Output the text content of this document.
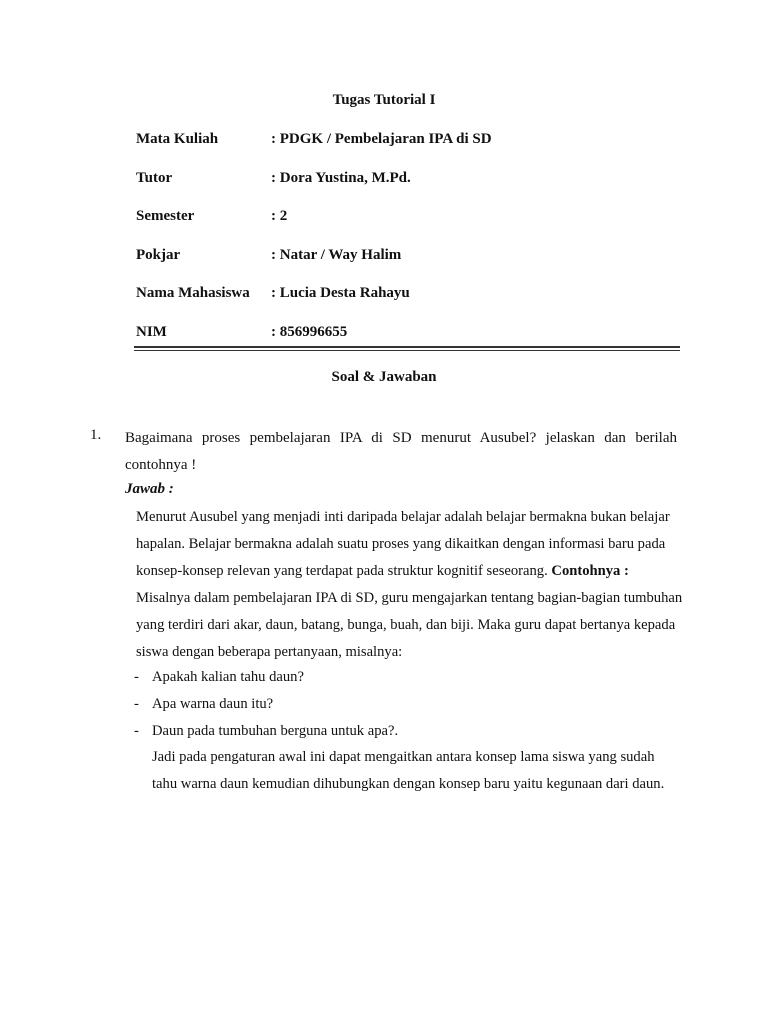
Tugas Tutorial I
Mata Kuliah	: PDGK / Pembelajaran IPA di SD
Tutor	: Dora Yustina, M.Pd.
Semester	: 2
Pokjar	: Natar / Way Halim
Nama Mahasiswa : Lucia Desta Rahayu
NIM	: 856996655
Soal & Jawaban
1. Bagaimana proses pembelajaran IPA di SD menurut Ausubel? jelaskan dan berilah contohnya !
Jawab :
Menurut Ausubel yang menjadi inti daripada belajar adalah belajar bermakna bukan belajar hapalan. Belajar bermakna adalah suatu proses yang dikaitkan dengan informasi baru pada konsep-konsep relevan yang terdapat pada struktur kognitif seseorang. Contohnya : Misalnya dalam pembelajaran IPA di SD, guru mengajarkan tentang bagian-bagian tumbuhan yang terdiri dari akar, daun, batang, bunga, buah, dan biji. Maka guru dapat bertanya kepada siswa dengan beberapa pertanyaan, misalnya:
- Apakah kalian tahu daun?
- Apa warna daun itu?
- Daun pada tumbuhan berguna untuk apa?.
Jadi pada pengaturan awal ini dapat mengaitkan antara konsep lama siswa yang sudah tahu warna daun kemudian dihubungkan dengan konsep baru yaitu kegunaan dari daun.
